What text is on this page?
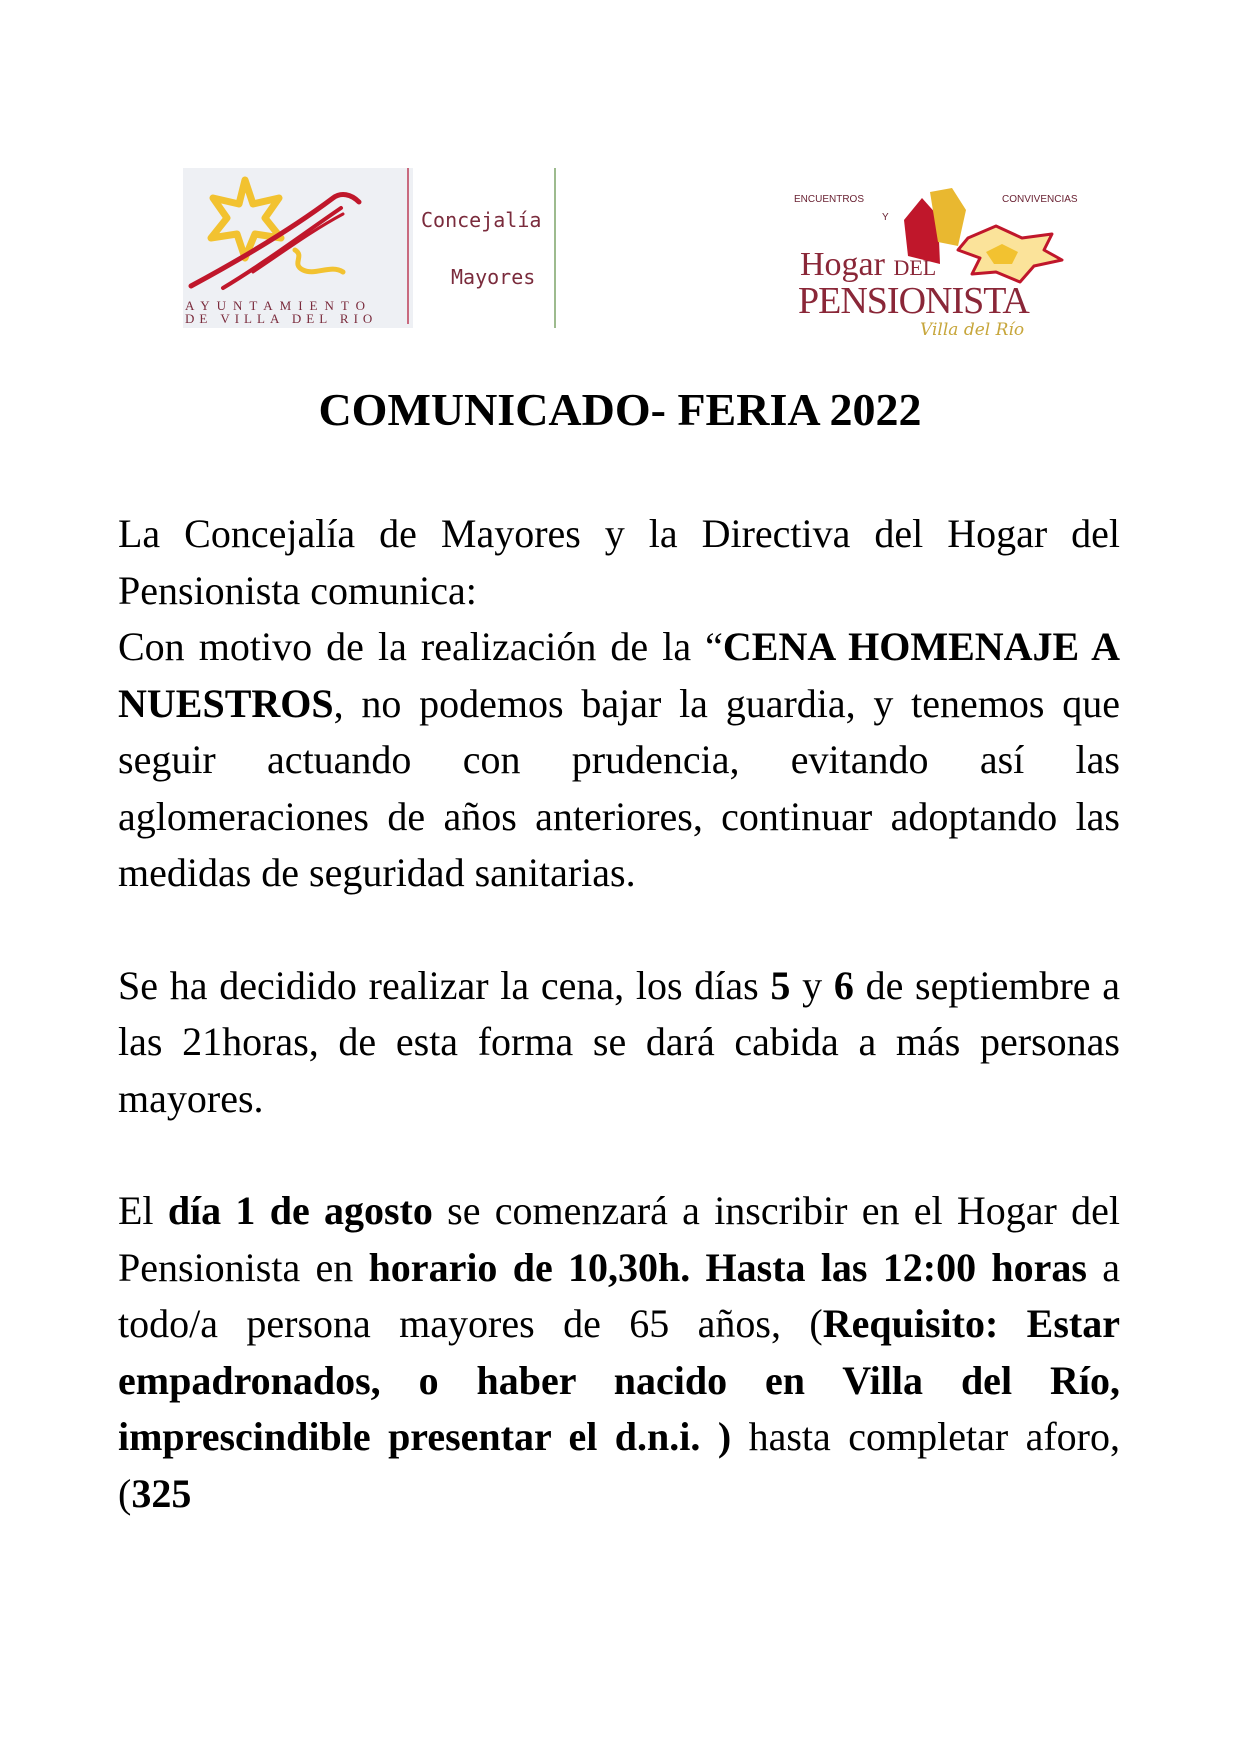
AYUNTAMIENTO
DE VILLA DEL RIO
Concejalía
Mayores
ENCUENTROS
Y
CONVIVENCIAS
Hogar DEL
PENSIONISTA
Villa del Río
COMUNICADO- FERIA 2022

La Concejalía de Mayores y la Directiva del Hogar del Pensionista comunica:
Con motivo de la realización de la “CENA HOMENAJE A NUESTROS, no podemos bajar la guardia, y tenemos que seguir actuando con prudencia, evitando así las aglomeraciones de años anteriores, continuar adoptando las medidas de seguridad sanitarias.

Se ha decidido realizar la cena, los días 5 y 6 de septiembre a las 21horas, de esta forma se dará cabida a más personas mayores.

El día 1 de agosto se comenzará a inscribir en el Hogar del Pensionista en horario de 10,30h. Hasta las 12:00 horas a todo/a persona mayores de 65 años, (Requisito: Estar empadronados, o haber nacido en Villa del Río, imprescindible presentar el d.n.i. ) hasta completar aforo, (325
